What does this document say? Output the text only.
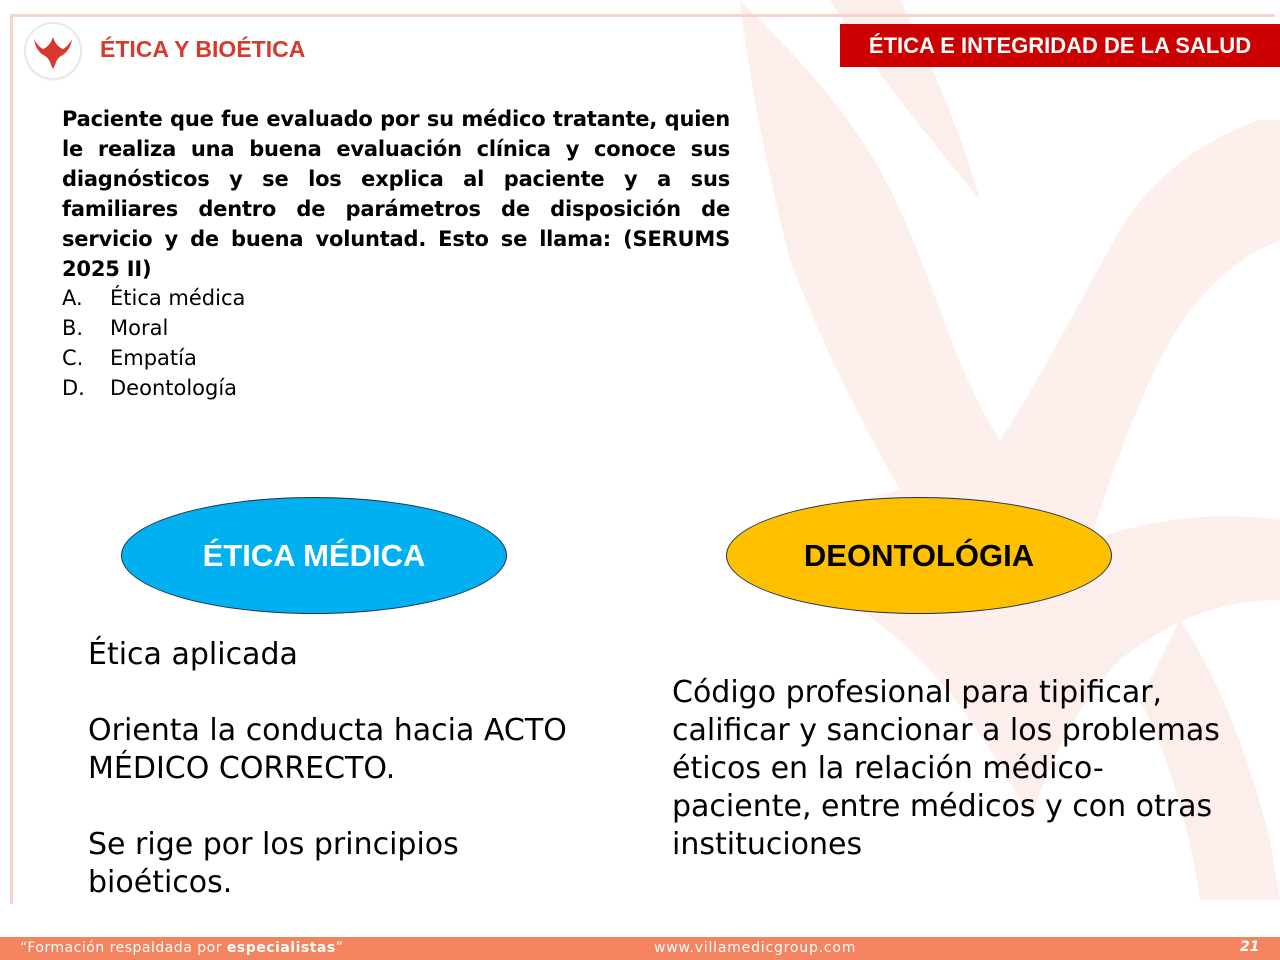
ÉTICA Y BIOÉTICA	ÉTICA E INTEGRIDAD DE LA SALUD

Paciente que fue evaluado por su médico tratante, quien le realiza una buena evaluación clínica y conoce sus diagnósticos y se los explica al paciente y a sus familiares dentro de parámetros de disposición de servicio y de buena voluntad. Esto se llama: (SERUMS 2025 II)

A.	Ética médica
B.	Moral
C.	Empatía
D.	Deontología
ÉTICA MÉDICA	DEONTOLÓGIA

Ética aplicada

Orienta la conducta hacia ACTO MÉDICO CORRECTO.

Se rige por los principios bioéticos.

Código profesional para tipificar, calificar y sancionar a los problemas éticos en la relación médico-paciente, entre médicos y con otras instituciones
“Formación respaldada por especialistas”	www.villamedicgroup.com	21
